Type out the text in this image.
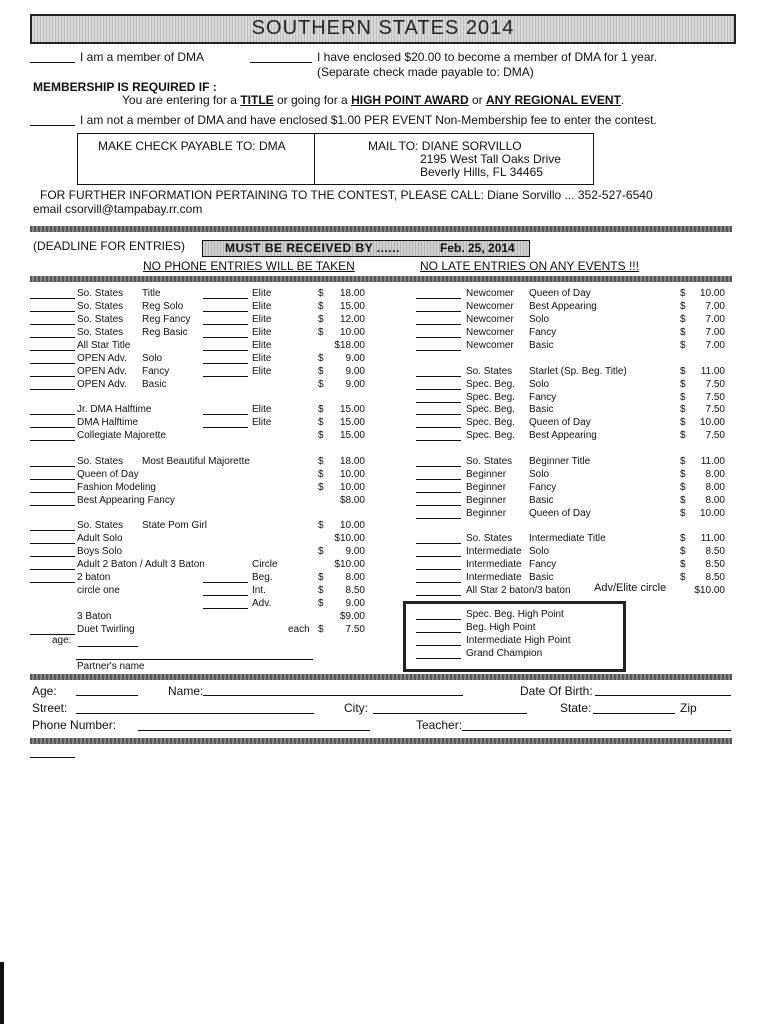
SOUTHERN STATES 2014
I am a member of DMA	I have enclosed $20.00 to become a member of DMA for 1 year.
(Separate check made payable to: DMA)
MEMBERSHIP IS REQUIRED IF :
You are entering for a TITLE or going for a HIGH POINT AWARD or ANY REGIONAL EVENT.
I am not a member of DMA and have enclosed $1.00 PER EVENT Non-Membership fee to enter the contest.
MAKE CHECK PAYABLE TO: DMA	MAIL TO: DIANE SORVILLO
2195 West Tall Oaks Drive
Beverly Hills, FL 34465
FOR FURTHER INFORMATION PERTAINING TO THE CONTEST, PLEASE CALL: Diane Sorvillo ... 352-527-6540
email csorvill@tampabay.rr.com
(DEADLINE FOR ENTRIES)	MUST BE RECEIVED BY ......	Feb. 25, 2014
NO PHONE ENTRIES WILL BE TAKEN	NO LATE ENTRIES ON ANY EVENTS !!!
So. States Title	Elite	$	18.00
So. States Reg Solo	Elite	$	15.00
So. States Reg Fancy	Elite	$	12.00
So. States Reg Basic	Elite	$	10.00
All Star Title	Elite	$18.00
OPEN Adv. Solo	Elite	$	9.00
OPEN Adv. Fancy	Elite	$	9.00
OPEN Adv. Basic	$	9.00
Jr. DMA Halftime	Elite	$	15.00
DMA Halftime	Elite	$	15.00
Collegiate Majorette	$	15.00
So. States Most Beautiful Majorette	$	18.00
Queen of Day	$	10.00
Fashion Modeling	$	10.00
Best Appearing Fancy	$8.00
So. States State Pom Girl	$	10.00
Adult Solo	$10.00
Boys Solo	$	9.00
Adult 2 Baton / Adult 3 Baton	Circle	$10.00
2 baton	Beg.	$	8.00
circle one	Int.	$	8.50
Adv.	$	9.00
3 Baton	$9.00
Duet Twirling	each $	7.50
Newcomer Queen of Day	$	10.00
Newcomer Best Appearing	$	7.00
Newcomer Solo	$	7.00
Newcomer Fancy	$	7.00
Newcomer Basic	$	7.00
So. States Starlet (Sp. Beg. Title)	$	11.00
Spec. Beg. Solo	$	7.50
Spec. Beg. Fancy	$	7.50
Spec. Beg. Basic	$	7.50
Spec. Beg. Queen of Day	$	10.00
Spec. Beg. Best Appearing	$	7.50
So. States Beginner Title	$	11.00
Beginner Solo	$	8.00
Beginner Fancy	$	8.00
Beginner Basic	$	8.00
Beginner Queen of Day	$	10.00
So. States Intermediate Title	$	11.00
Intermediate Solo	$	8.50
Intermediate Fancy	$	8.50
Intermediate Basic	$	8.50
All Star 2 baton/3 baton	$10.00
age:
Partner's name
Adv/Elite circle
Spec. Beg. High Point
Beg. High Point
Intermediate High Point
Grand Champion
Age:	Name:	Date Of Birth:
Street:	City:	State:	Zip
Phone Number:	Teacher:
